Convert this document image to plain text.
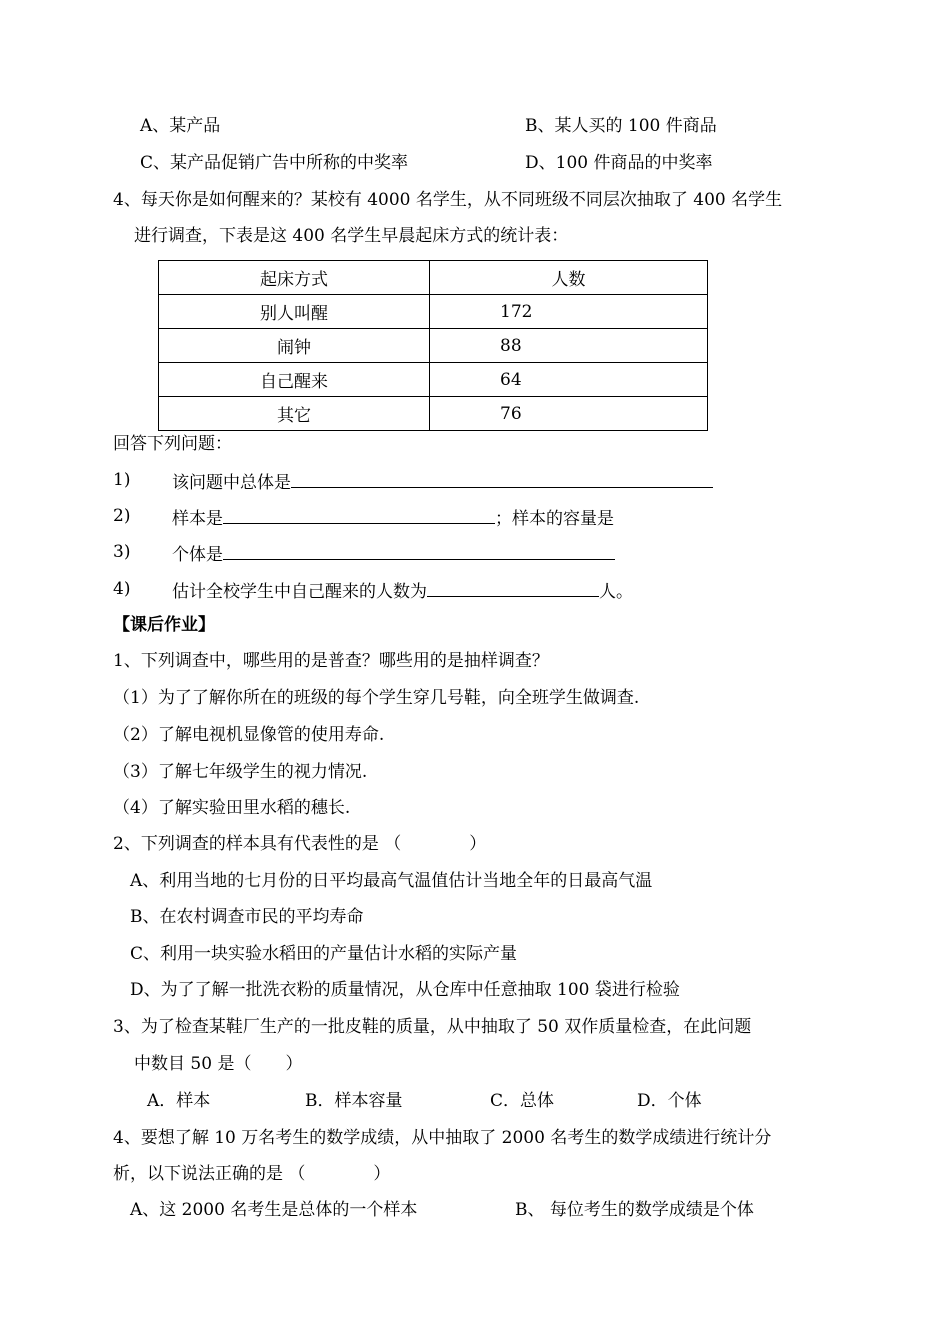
A、某产品	B、某人买的 100 件商品
C、某产品促销广告中所称的中奖率	D、100 件商品的中奖率
4、每天你是如何醒来的？某校有 4000 名学生，从不同班级不同层次抽取了 400 名学生
进行调查，下表是这 400 名学生早晨起床方式的统计表：
起床方式	人数
别人叫醒	172
闹钟	88
自己醒来	64
其它	76
回答下列问题：
1) 该问题中总体是
2) 样本是	；样本的容量是
3) 个体是
4) 估计全校学生中自己醒来的人数为	人。
【课后作业】
1、下列调查中，哪些用的是普查？哪些用的是抽样调查？
（1）为了了解你所在的班级的每个学生穿几号鞋，向全班学生做调查.
（2）了解电视机显像管的使用寿命.
（3）了解七年级学生的视力情况.
（4）了解实验田里水稻的穗长.
2、下列调查的样本具有代表性的是 （　　　　）
A、利用当地的七月份的日平均最高气温值估计当地全年的日最高气温
B、在农村调查市民的平均寿命
C、利用一块实验水稻田的产量估计水稻的实际产量
D、为了了解一批洗衣粉的质量情况，从仓库中任意抽取 100 袋进行检验
3、为了检查某鞋厂生产的一批皮鞋的质量，从中抽取了 50 双作质量检查，在此问题
中数目 50 是（　　）
A．样本	B．样本容量	C．总体	D．个体
4、要想了解 10 万名考生的数学成绩，从中抽取了 2000 名考生的数学成绩进行统计分
析，以下说法正确的是 （　　　　）
A、这 2000 名考生是总体的一个样本	B、 每位考生的数学成绩是个体
